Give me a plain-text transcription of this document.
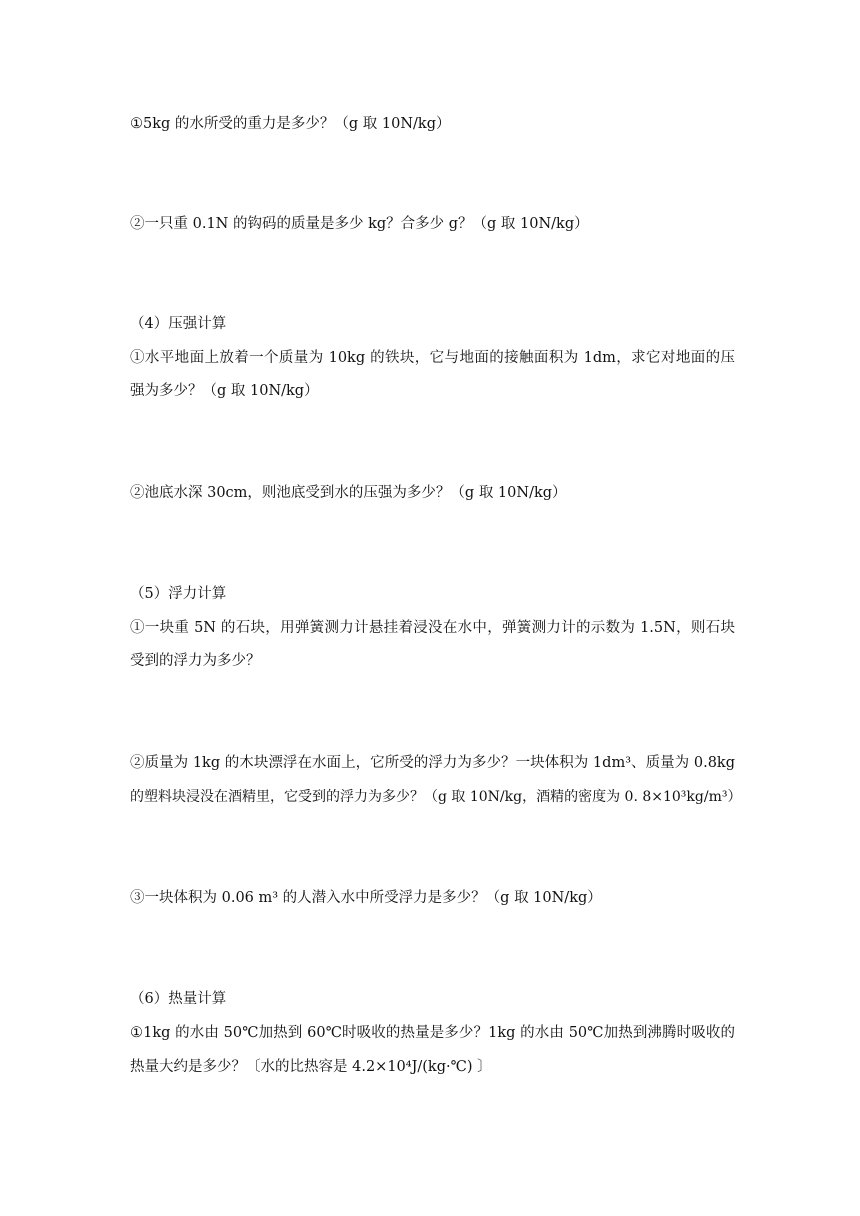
①5kg 的水所受的重力是多少？（g 取 10N/kg）
②一只重 0.1N 的钩码的质量是多少 kg？合多少 g？（g 取 10N/kg）
（4）压强计算
①水平地面上放着一个质量为 10kg 的铁块，它与地面的接触面积为 1dm，求它对地面的压
强为多少？（g 取 10N/kg）
②池底水深 30cm，则池底受到水的压强为多少？（g 取 10N/kg）
（5）浮力计算
①一块重 5N 的石块，用弹簧测力计悬挂着浸没在水中，弹簧测力计的示数为 1.5N，则石块
受到的浮力为多少？
②质量为 1kg 的木块漂浮在水面上，它所受的浮力为多少？一块体积为 1dm³、质量为 0.8kg
的塑料块浸没在酒精里，它受到的浮力为多少？（g 取 10N/kg，酒精的密度为 0. 8×10³kg/m³）
③一块体积为 0.06 m³ 的人潜入水中所受浮力是多少？（g 取 10N/kg）
（6）热量计算
①1kg 的水由 50℃加热到 60℃时吸收的热量是多少？1kg 的水由 50℃加热到沸腾时吸收的
热量大约是多少？〔水的比热容是 4.2×10⁴J/(kg·℃) 〕
